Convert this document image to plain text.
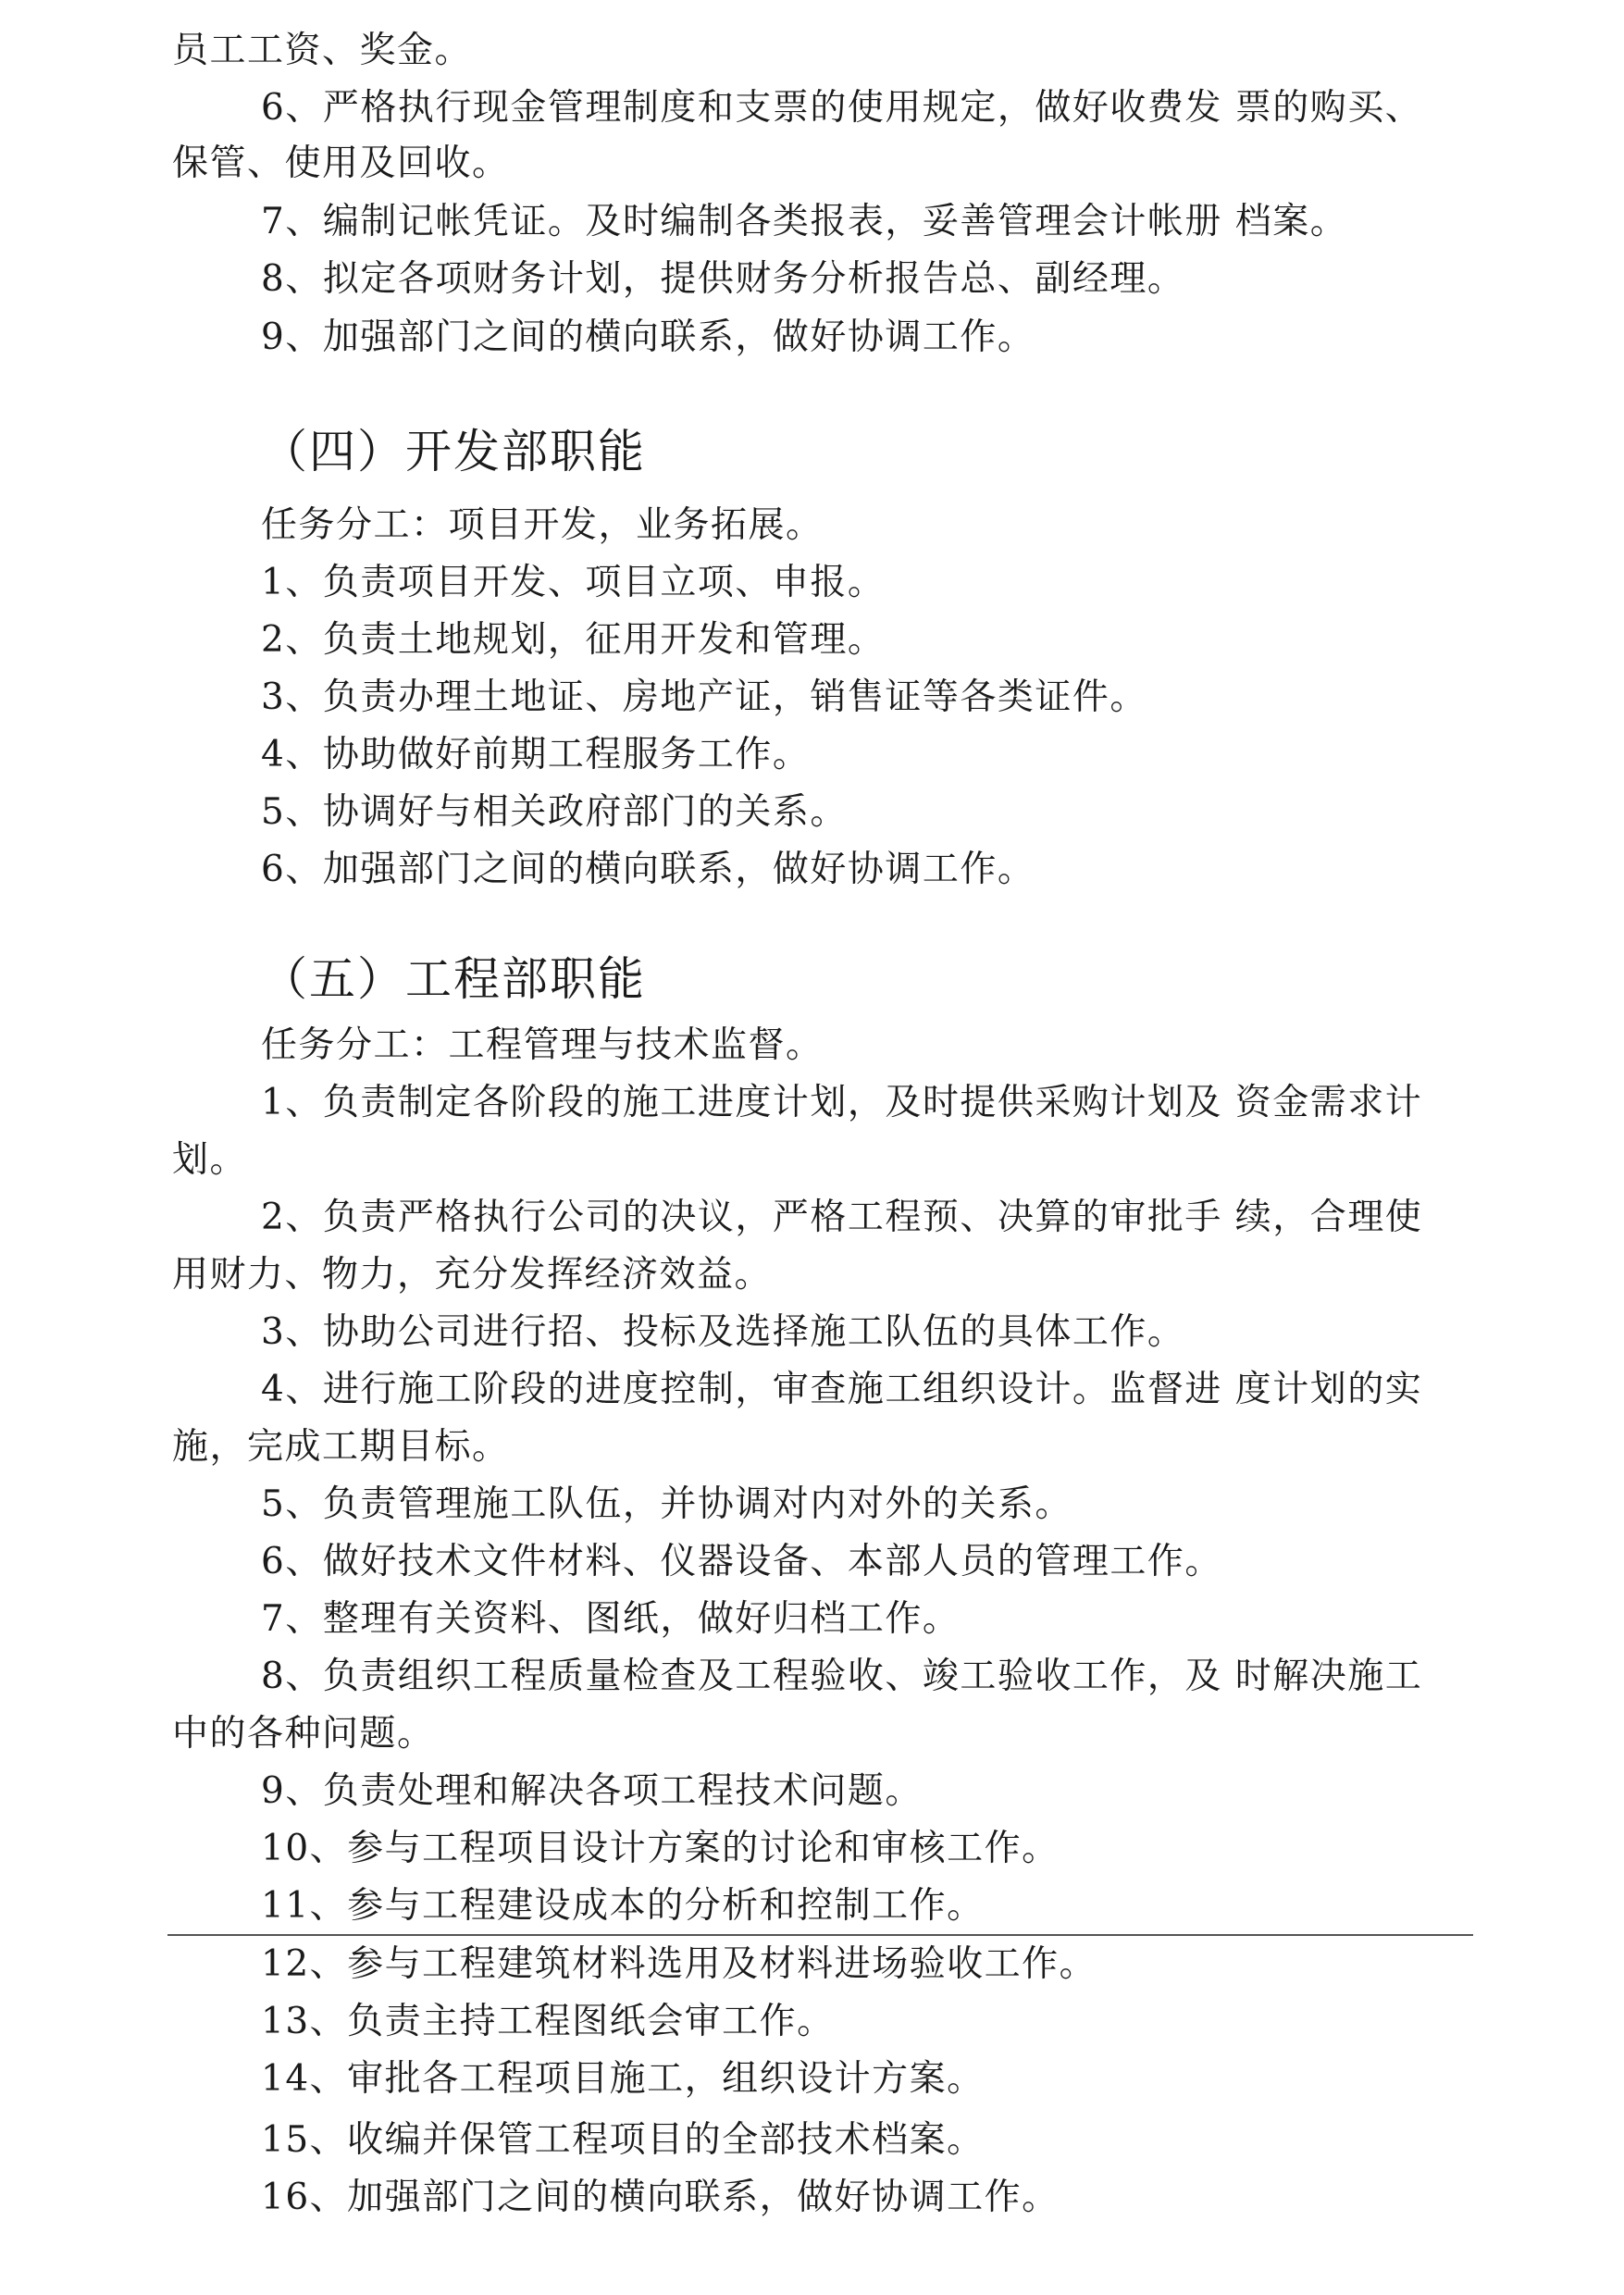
员工工资、奖金。
6、严格执行现金管理制度和支票的使用规定，做好收费发 票的购买、
保管、使用及回收。
7、编制记帐凭证。及时编制各类报表，妥善管理会计帐册 档案。
8、拟定各项财务计划，提供财务分析报告总、副经理。
9、加强部门之间的横向联系，做好协调工作。
（四）开发部职能
任务分工：项目开发，业务拓展。
1、负责项目开发、项目立项、申报。
2、负责土地规划，征用开发和管理。
3、负责办理土地证、房地产证，销售证等各类证件。
4、协助做好前期工程服务工作。
5、协调好与相关政府部门的关系。
6、加强部门之间的横向联系，做好协调工作。
（五）工程部职能
任务分工：工程管理与技术监督。
1、负责制定各阶段的施工进度计划，及时提供采购计划及 资金需求计
划。
2、负责严格执行公司的决议，严格工程预、决算的审批手 续，合理使
用财力、物力，充分发挥经济效益。
3、协助公司进行招、投标及选择施工队伍的具体工作。
4、进行施工阶段的进度控制，审查施工组织设计。监督进 度计划的实
施，完成工期目标。
5、负责管理施工队伍，并协调对内对外的关系。
6、做好技术文件材料、仪器设备、本部人员的管理工作。
7、整理有关资料、图纸，做好归档工作。
8、负责组织工程质量检查及工程验收、竣工验收工作，及 时解决施工
中的各种问题。
9、负责处理和解决各项工程技术问题。
10、参与工程项目设计方案的讨论和审核工作。
11、参与工程建设成本的分析和控制工作。
12、参与工程建筑材料选用及材料进场验收工作。
13、负责主持工程图纸会审工作。
14、审批各工程项目施工，组织设计方案。
15、收编并保管工程项目的全部技术档案。
16、加强部门之间的横向联系，做好协调工作。
